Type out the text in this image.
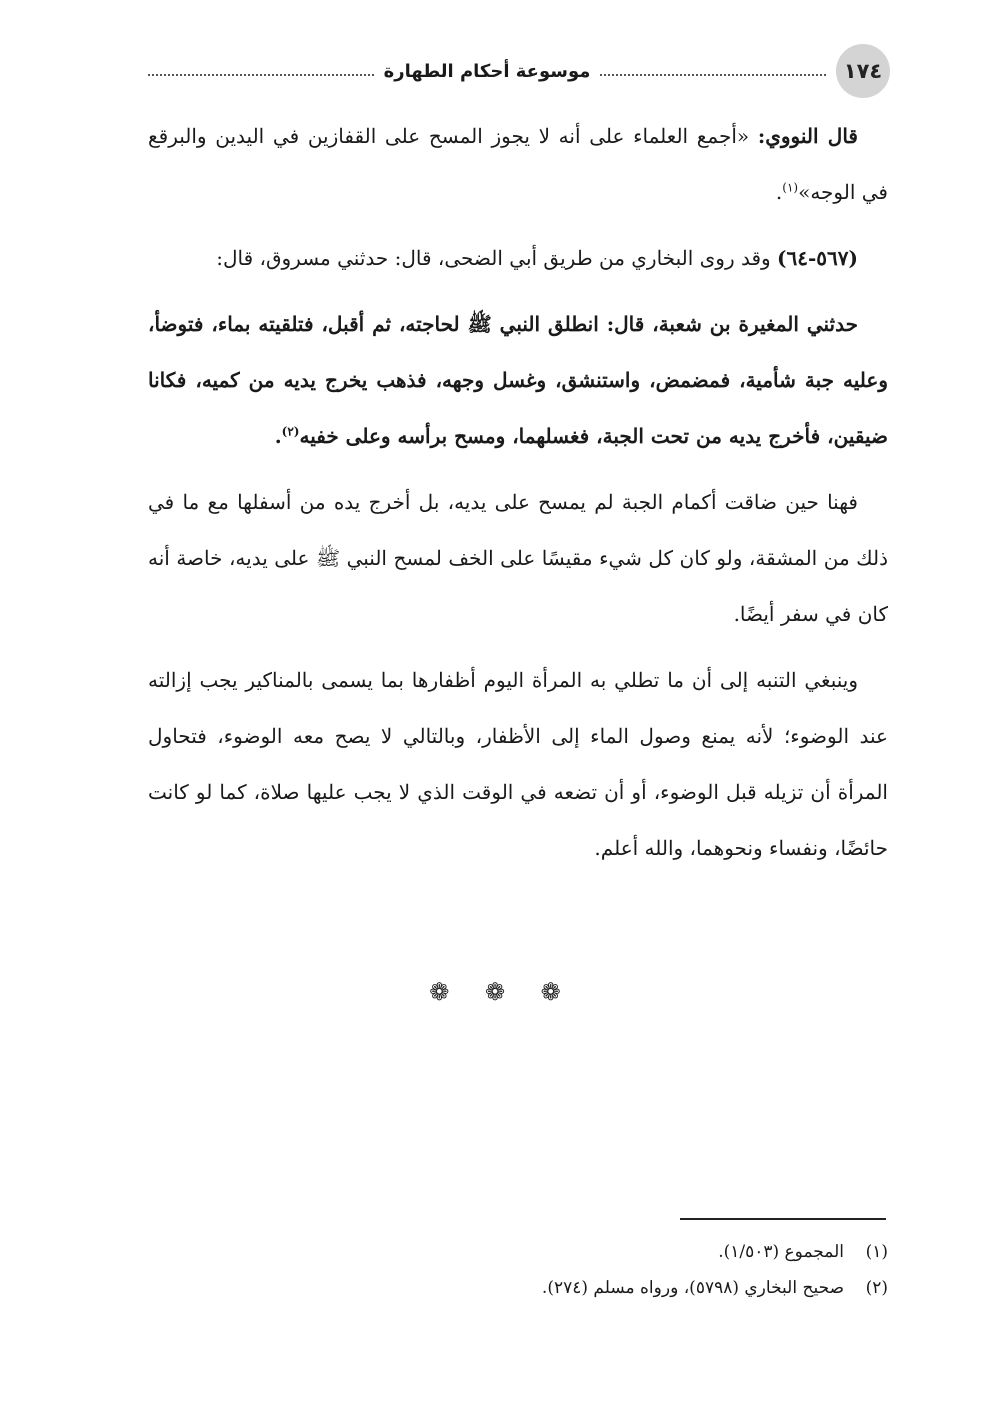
١٧٤
موسوعة أحكام الطهارة

قال النووي: «أجمع العلماء على أنه لا يجوز المسح على القفازين في اليدين والبرقع في الوجه»$^{(١)}$.

(٥٦٧-٦٤) وقد روى البخاري من طريق أبي الضحى، قال: حدثني مسروق، قال:

حدثني المغيرة بن شعبة، قال: انطلق النبي ﷺ لحاجته، ثم أقبل، فتلقيته بماء، فتوضأ، وعليه جبة شأمية، فمضمض، واستنشق، وغسل وجهه، فذهب يخرج يديه من كميه، فكانا ضيقين، فأخرج يديه من تحت الجبة، فغسلهما، ومسح برأسه وعلى خفيه$^{(٢)}$.

فهنا حين ضاقت أكمام الجبة لم يمسح على يديه، بل أخرج يده من أسفلها مع ما في ذلك من المشقة، ولو كان كل شيء مقيسًا على الخف لمسح النبي ﷺ على يديه، خاصة أنه كان في سفر أيضًا.

وينبغي التنبه إلى أن ما تطلي به المرأة اليوم أظفارها بما يسمى بالمناكير يجب إزالته عند الوضوء؛ لأنه يمنع وصول الماء إلى الأظفار، وبالتالي لا يصح معه الوضوء، فتحاول المرأة أن تزيله قبل الوضوء، أو أن تضعه في الوقت الذي لا يجب عليها صلاة، كما لو كانت حائضًا، ونفساء ونحوهما، والله أعلم.

❁ ❁ ❁

(١)المجموع (١/٥٠٣).

(٢)صحيح البخاري (٥٧٩٨)، ورواه مسلم (٢٧٤).
